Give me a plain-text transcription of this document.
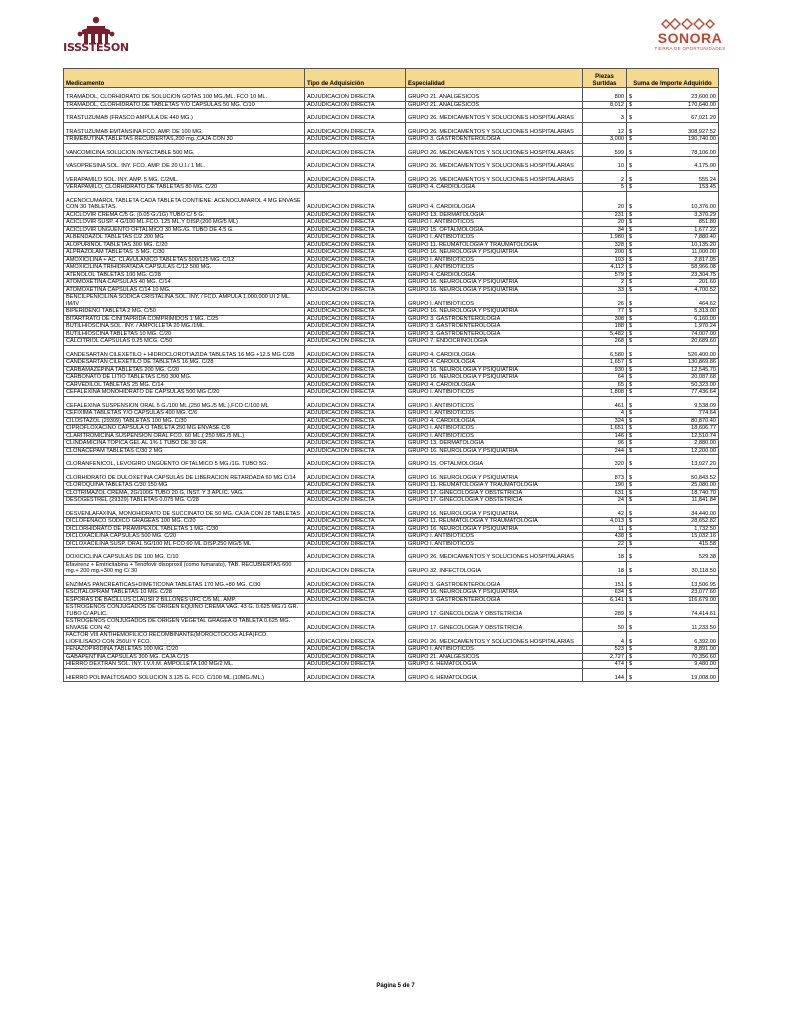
ISSSTESON
SONORA
TIERRA DE OPORTUNIDADES
Medicamento	Tipo de Adquisición	Especialidad	Piezas Surtidas	Suma de Importe Adquirido
TRAMADOL, CLORHIDRATO DE SOLUCION GOTAS 100 MG./ML. FCO 10 ML.	ADJUDICACION DIRECTA	GRUPO 21. ANALGÉSICOS	800	$ 23,600.00

TRAMADOL, CLORHIDRATO DE TABLETAS Y/O CAPSULAS 50 MG. C/10	ADJUDICACION DIRECTA	GRUPO 21. ANALGÉSICOS	8,012	$ 170,640.00

TRASTUZUMAB (FRASCO AMPULA DE 440 MG.)	ADJUDICACION DIRECTA	GRUPO 26. MEDICAMENTOS Y SOLUCIONES HOSPITALARIAS	3	$ 67,021.20

TRASTUZUMAB EMTANSINA FCO. AMP. DE 100 MG.	ADJUDICACION DIRECTA	GRUPO 26. MEDICAMENTOS Y SOLUCIONES HOSPITALARIAS	12	$ 308,927.52

TRIMEBUTINA TABLETAS RECUBIERTAS,200 mg.,CAJA CON 30	ADJUDICACION DIRECTA	GRUPO 3. GASTROENTEROLOGIA	3,000	$ 190,740.00

VANCOMICINA SOLUCION INYECTABLE 500 MG.	ADJUDICACION DIRECTA	GRUPO 26. MEDICAMENTOS Y SOLUCIONES HOSPITALARIAS	599	$ 78,106.00

VASOPRESINA SOL. INY. FCO. AMP. DE 20 U.I./ 1 ML.	ADJUDICACION DIRECTA	GRUPO 26. MEDICAMENTOS Y SOLUCIONES HOSPITALARIAS	10	$ 4,175.00

VERAPAMILO SOL. INY. AMP. 5 MG. C/2ML.	ADJUDICACION DIRECTA	GRUPO 26. MEDICAMENTOS Y SOLUCIONES HOSPITALARIAS	2	$ 555.24

VERAPAMILO, CLORHIDRATO DE TABLETAS 80 MG. C/20	ADJUDICACION DIRECTA	GRUPO 4. CARDIOLOGIA	5	$ 153.45

ACENOCUMAROL TABLETA CADA TABLETA CONTIENE: ACENOCUMAROL 4 MG ENVASE CON 30 TABLETAS.	ADJUDICACION DIRECTA	GRUPO 4. CARDIOLOGIA	20	$ 10,376.00

ACICLOVIR CREMA C/5 G. (0.05 G./1G) TUBO C/ 5 G.	ADJUDICACION DIRECTA	GRUPO 13. DERMATOLOGIA	231	$ 3,370.29

ACICLOVIR SUSP. 4 G/100 ML.FCO. 125 ML.Y DISP.(200 MG/5 ML)	ADJUDICACION DIRECTA	GRUPO I. ANTIBIOTICOS	20	$ 851.80

ACICLOVIR UNGÜENTO OFTALMICO 30 MG./G. TUBO DE 4.5 G.	ADJUDICACION DIRECTA	GRUPO 15. OFTALMOLOGIA	34	$ 1,677.22

ALBENDAZOL TABLETAS C/2 200 MG	ADJUDICACION DIRECTA	GRUPO I. ANTIBIOTICOS	1,980	$ 7,880.40

ALOPURINOL TABLETAS 300 MG. C/20	ADJUDICACION DIRECTA	GRUPO 11. REUMATOLOGIA Y TRAUMATOLOGIA	328	$ 10,135.20

ALPRAZOLAM TABLETAS .5 MG. C/30	ADJUDICACION DIRECTA	GRUPO 16. NEUROLOGIA Y PSIQUIATRIA	200	$ 11,000.00

AMOXICILINA + AC. CLAVULANICO TABLETAS 500/125 MG. C/12	ADJUDICACION DIRECTA	GRUPO I. ANTIBIOTICOS	103	$ 2,817.05

AMOXICILINA TRIHIDRATADA CAPSULAS C/12 500 MG.	ADJUDICACION DIRECTA	GRUPO I. ANTIBIOTICOS	4,112	$ 58,966.08

ATENOLOL TABLETAS 100 MG. C/28	ADJUDICACION DIRECTA	GRUPO 4. CARDIOLOGIA	579	$ 23,304.75

ATOMOXETINA CAPSULAS 40 MG. C/14	ADJUDICACION DIRECTA	GRUPO 16. NEUROLOGIA Y PSIQUIATRIA	2	$ 201.60

ATOMOXETINA CAPSULAS C/14 10 MG.	ADJUDICACION DIRECTA	GRUPO 16. NEUROLOGIA Y PSIQUIATRIA	33	$ 4,700.52

BENCILPENICILINA SODICA CRISTALINA SOL. INY. / FCO. AMPULA 1,000,000 UI 2 ML. IM/IV	ADJUDICACION DIRECTA	GRUPO I. ANTIBIOTICOS	26	$ 464.62

BIPERIDENO TABLETA 2 MG. C/50	ADJUDICACION DIRECTA	GRUPO 16. NEUROLOGIA Y PSIQUIATRIA	77	$ 5,313.00

BITARTRATO DE CINITAPRIDA COMPRIMIDOS 1 MG. C/25	ADJUDICACION DIRECTA	GRUPO 3. GASTROENTEROLOGIA	308	$ 6,160.00

BUTILHIOSCINA SOL. INY. / AMPOLLETA 20 MG./1ML.	ADJUDICACION DIRECTA	GRUPO 3. GASTROENTEROLOGIA	188	$ 1,970.24

BUTILHIOSCINA TABLETAS 10 MG. C/20	ADJUDICACION DIRECTA	GRUPO 3. GASTROENTEROLOGIA	5,482	$ 74,007.00

CALCITRIOL CAPSULAS 0.25 MCG. C/50	ADJUDICACION DIRECTA	GRUPO 7. ENDOCRINOLOGIA	268	$ 20,689.60

CANDESARTAN CILEXETILO + HIDROCLOROTIAZIDA TABLETAS 16 MG +12.5 MG C/28	ADJUDICACION DIRECTA	GRUPO 4. CARDIOLOGIA	6,580	$ 526,400.00

CANDESARTAN CILEXETILO DE TABLETAS 16 MG. C/28	ADJUDICACION DIRECTA	GRUPO 4. CARDIOLOGIA	1,657	$ 130,869.86

CARBAMAZEPINA TABLETAS 200 MG. C/20	ADJUDICACION DIRECTA	GRUPO 16. NEUROLOGIA Y PSIQUIATRIA	930	$ 12,545.70

CARBONATO DE LITIO TABLETAS C/50 300 MG.	ADJUDICACION DIRECTA	GRUPO 16. NEUROLOGIA Y PSIQUIATRIA	64	$ 20,087.68

CARVEDILOL TABLETAS 25 MG. C/14	ADJUDICACION DIRECTA	GRUPO 4. CARDIOLOGIA	65	$ 50,323.00

CEFALEXINA MONOHIDRATO DE CAPSULAS 500 MG C/20	ADJUDICACION DIRECTA	GRUPO I. ANTIBIOTICOS	1,808	$ 77,436.64

CEFALEXINA SUSPENSION ORAL 5 G./100 ML.(250 MG./5 ML.),FCO C/100 ML	ADJUDICACION DIRECTA	GRUPO I. ANTIBIOTICOS	461	$ 9,538.09

CEFIXIMA TABLETAS Y/O CAPSULAS 400 MG. C/6	ADJUDICACION DIRECTA	GRUPO I. ANTIBIOTICOS	4	$ 774.64

CILOSTAZOL (29309) TABLETAS 100 MG. C/30	ADJUDICACION DIRECTA	GRUPO 4. CARDIOLOGIA	324	$ 80,870.40

CIPROFLOXACINO CAPSULA O TABLETA 250 MG ENVASE C/8	ADJUDICACION DIRECTA	GRUPO I. ANTIBIOTICOS	1,651	$ 18,606.77

CLARITROMICINA SUSPENSION ORAL FCO. 60 ML.( 250 MG./5 ML.)	ADJUDICACION DIRECTA	GRUPO I. ANTIBIOTICOS	146	$ 12,510.74

CLINDAMICINA TOPICA GEL AL 1% 1 TUBO DE 30 GR.	ADJUDICACION DIRECTA	GRUPO 13. DERMATOLOGIA	96	$ 2,880.00

CLONACEPAM TABLETAS C/30 2 MG	ADJUDICACION DIRECTA	GRUPO 16. NEUROLOGIA Y PSIQUIATRIA	244	$ 12,200.00

CLORANFENICOL, LEVOGIRO UNGÜENTO OFTALMICO 5 MG./1G. TUBO 5G.	ADJUDICACION DIRECTA	GRUPO 15. OFTALMOLOGIA	320	$ 13,027.20

CLORHIDRATO DE DULOXETINA CAPSULAS DE LIBERACION RETARDADA 60 MG C/14	ADJUDICACION DIRECTA	GRUPO 16. NEUROLOGIA Y PSIQUIATRIA	873	$ 50,843.52

CLOROQUINA TABLETAS C/30 150 MG	ADJUDICACION DIRECTA	GRUPO 11. REUMATOLOGIA Y TRAUMATOLOGIA	190	$ 25,080.00

CLOTRIMAZOL CREMA, 2G/100G TUBO 20 G, INST. Y 3 APLIC. VAG.	ADJUDICACION DIRECTA	GRUPO 17. GINECOLOGIA Y OBSTETRICIA	631	$ 18,740.70

DESOGESTREL (29329) TABLETAS 0.075 MG. C/28	ADJUDICACION DIRECTA	GRUPO 17. GINECOLOGIA Y OBSTETRICIA	24	$ 11,841.84

DESVENLAFAXINA, MONOHIDRATO DE SUCCINATO DE 50 MG. CAJA CON 28 TABLETAS	ADJUDICACION DIRECTA	GRUPO 16. NEUROLOGIA Y PSIQUIATRIA	42	$ 34,440.00

DICLOFENACO SODICO GRAGEAS 100 MG. C/20	ADJUDICACION DIRECTA	GRUPO 11. REUMATOLOGIA Y TRAUMATOLOGIA	4,013	$ 28,652.82

DICLORHIDRATO DE PRAMIPEXOL TABLETAS 1 MG. C/30	ADJUDICACION DIRECTA	GRUPO 16. NEUROLOGIA Y PSIQUIATRIA	11	$ 1,732.50

DICLOXACILINA CAPSULAS 500 MG. C/20	ADJUDICACION DIRECTA	GRUPO I. ANTIBIOTICOS	438	$ 15,032.16

DICLOXACILINA SUSP. ORAL 5G/100 ML FCO 60 ML DISP.250 MG/5 ML	ADJUDICACION DIRECTA	GRUPO I. ANTIBIOTICOS	22	$ 415.58

DOXICICLINA CAPSULAS DE 100 MG. C/10	ADJUDICACION DIRECTA	GRUPO 26. MEDICAMENTOS Y SOLUCIONES HOSPITALARIAS	18	$ 529.38

Efavirenz + Emtricitabina + Tenofovir disoproxil (como fumarato), TAB. RECUBIERTAS 600 mg.+ 200 mg.+300 mg C/ 30	ADJUDICACION DIRECTA	GRUPO 32. INFECTOLOGIA	18	$ 30,118.50

ENZIMAS PANCREATICAS+DIMETICONA TABLETAS 170 MG.+80 MG. C/30	ADJUDICACION DIRECTA	GRUPO 3. GASTROENTEROLOGIA	151	$ 13,506.95

ESCITALOPRAM TABLETAS 10 MG. C/28	ADJUDICACION DIRECTA	GRUPO 16. NEUROLOGIA Y PSIQUIATRIA	634	$ 23,077.60

ESPORAS DE BACILLUS CLAUSII 2 BILLONES UFC C/5 ML. AMP.	ADJUDICACION DIRECTA	GRUPO 3. GASTROENTEROLOGIA	6,141	$ 116,679.00

ESTROGENOS CONJUGADOS DE ORIGEN EQUINO CREMA VAG. 43 G. 0.625 MG./1 GR. TUBO C/ APLIC.	ADJUDICACION DIRECTA	GRUPO 17. GINECOLOGIA Y OBSTETRICIA	289	$ 74,414.61

ESTROGENOS CONJUGADOS DE ORIGEN VEGETAL GRAGEA O TABLETA 0.625 MG. ENVASE CON 42	ADJUDICACION DIRECTA	GRUPO 17. GINECOLOGIA Y OBSTETRICIA	50	$ 11,233.50

FACTOR VIII ANTIHEMOFILICO RECOMBINANTE(MOROCTOCOG ALFA)FCO. LIOFILISADO CON 250UI Y FCO.	ADJUDICACION DIRECTA	GRUPO 26. MEDICAMENTOS Y SOLUCIONES HOSPITALARIAS	4	$ 6,392.00

FENAZOPIRIDINA TABLETAS 100 MG. C/20	ADJUDICACION DIRECTA	GRUPO I. ANTIBIOTICOS	523	$ 8,891.00

GABAPENTINA CAPSULAS 300 MG. CAJA C/15	ADJUDICACION DIRECTA	GRUPO 21. ANALGÉSICOS	2,727	$ 70,356.60

HIERRO DEXTRAN SOL. INY. I.V./I.M. AMPOLLETA 100 MG/2 ML.	ADJUDICACION DIRECTA	GRUPO 6. HEMATOLOGIA	474	$ 9,480.00

HIERRO POLIMALTOSADO SOLUCION 3.125 G. FCO. C/100 ML.(10MG./ML.)	ADJUDICACION DIRECTA	GRUPO 6. HEMATOLOGIA	144	$ 19,008.00
Página 5 de 7
